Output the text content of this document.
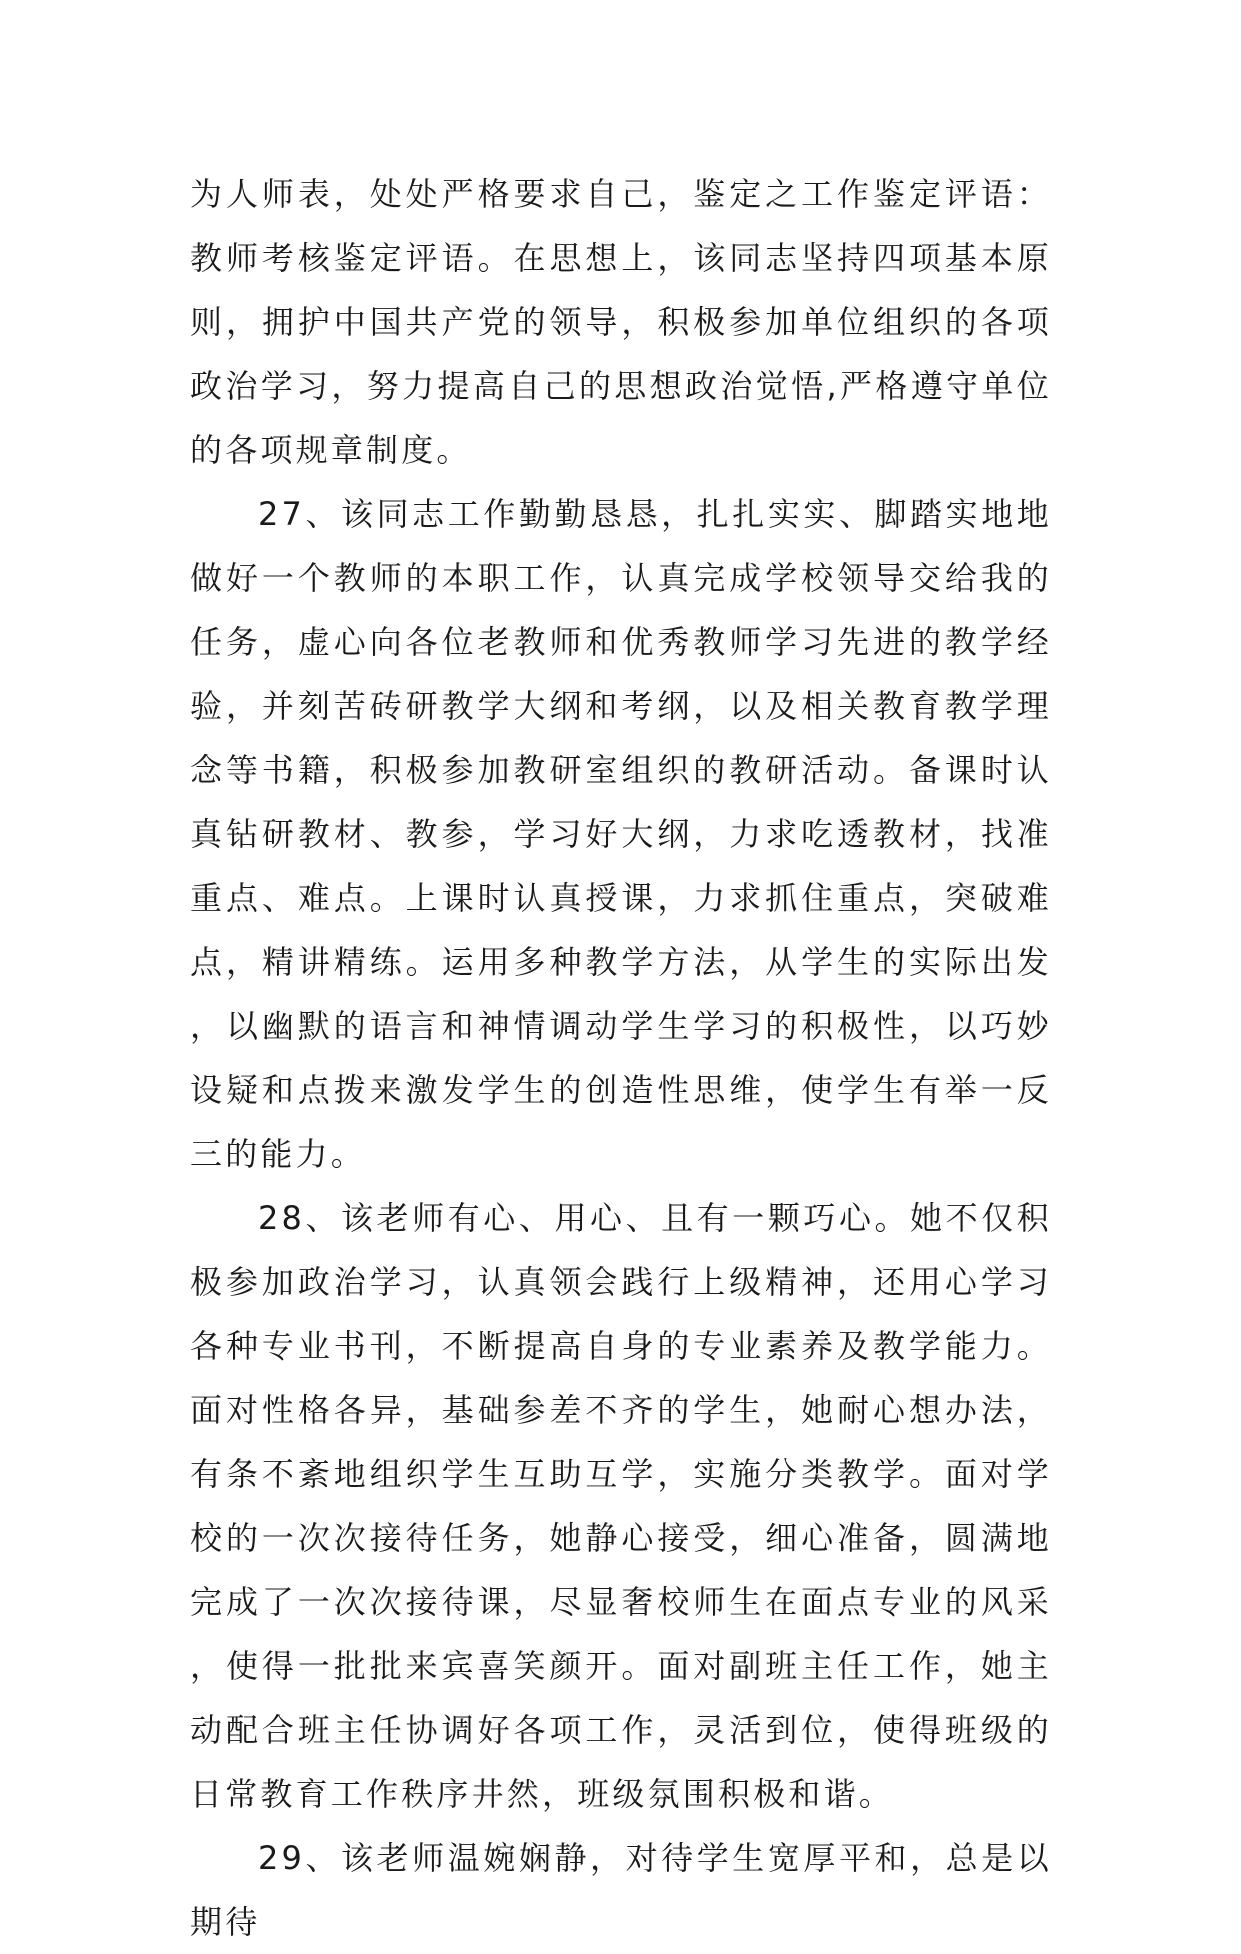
为人师表，处处严格要求自己，鉴定之工作鉴定评语：教师考核鉴定评语。在思想上，该同志坚持四项基本原则，拥护中国共产党的领导，积极参加单位组织的各项政治学习，努力提高自己的思想政治觉悟,严格遵守单位的各项规章制度。

27、该同志工作勤勤恳恳，扎扎实实、脚踏实地地做好一个教师的本职工作，认真完成学校领导交给我的任务，虚心向各位老教师和优秀教师学习先进的教学经验，并刻苦砖研教学大纲和考纲，以及相关教育教学理念等书籍，积极参加教研室组织的教研活动。备课时认真钻研教材、教参，学习好大纲，力求吃透教材，找准重点、难点。上课时认真授课，力求抓住重点，突破难点，精讲精练。运用多种教学方法，从学生的实际出发，以幽默的语言和神情调动学生学习的积极性，以巧妙设疑和点拨来激发学生的创造性思维，使学生有举一反三的能力。

28、该老师有心、用心、且有一颗巧心。她不仅积极参加政治学习，认真领会践行上级精神，还用心学习各种专业书刊，不断提高自身的专业素养及教学能力。面对性格各异，基础参差不齐的学生，她耐心想办法，有条不紊地组织学生互助互学，实施分类教学。面对学校的一次次接待任务，她静心接受，细心准备，圆满地完成了一次次接待课，尽显奢校师生在面点专业的风采，使得一批批来宾喜笑颜开。面对副班主任工作，她主动配合班主任协调好各项工作，灵活到位，使得班级的日常教育工作秩序井然，班级氛围积极和谐。

29、该老师温婉娴静，对待学生宽厚平和，总是以期待
